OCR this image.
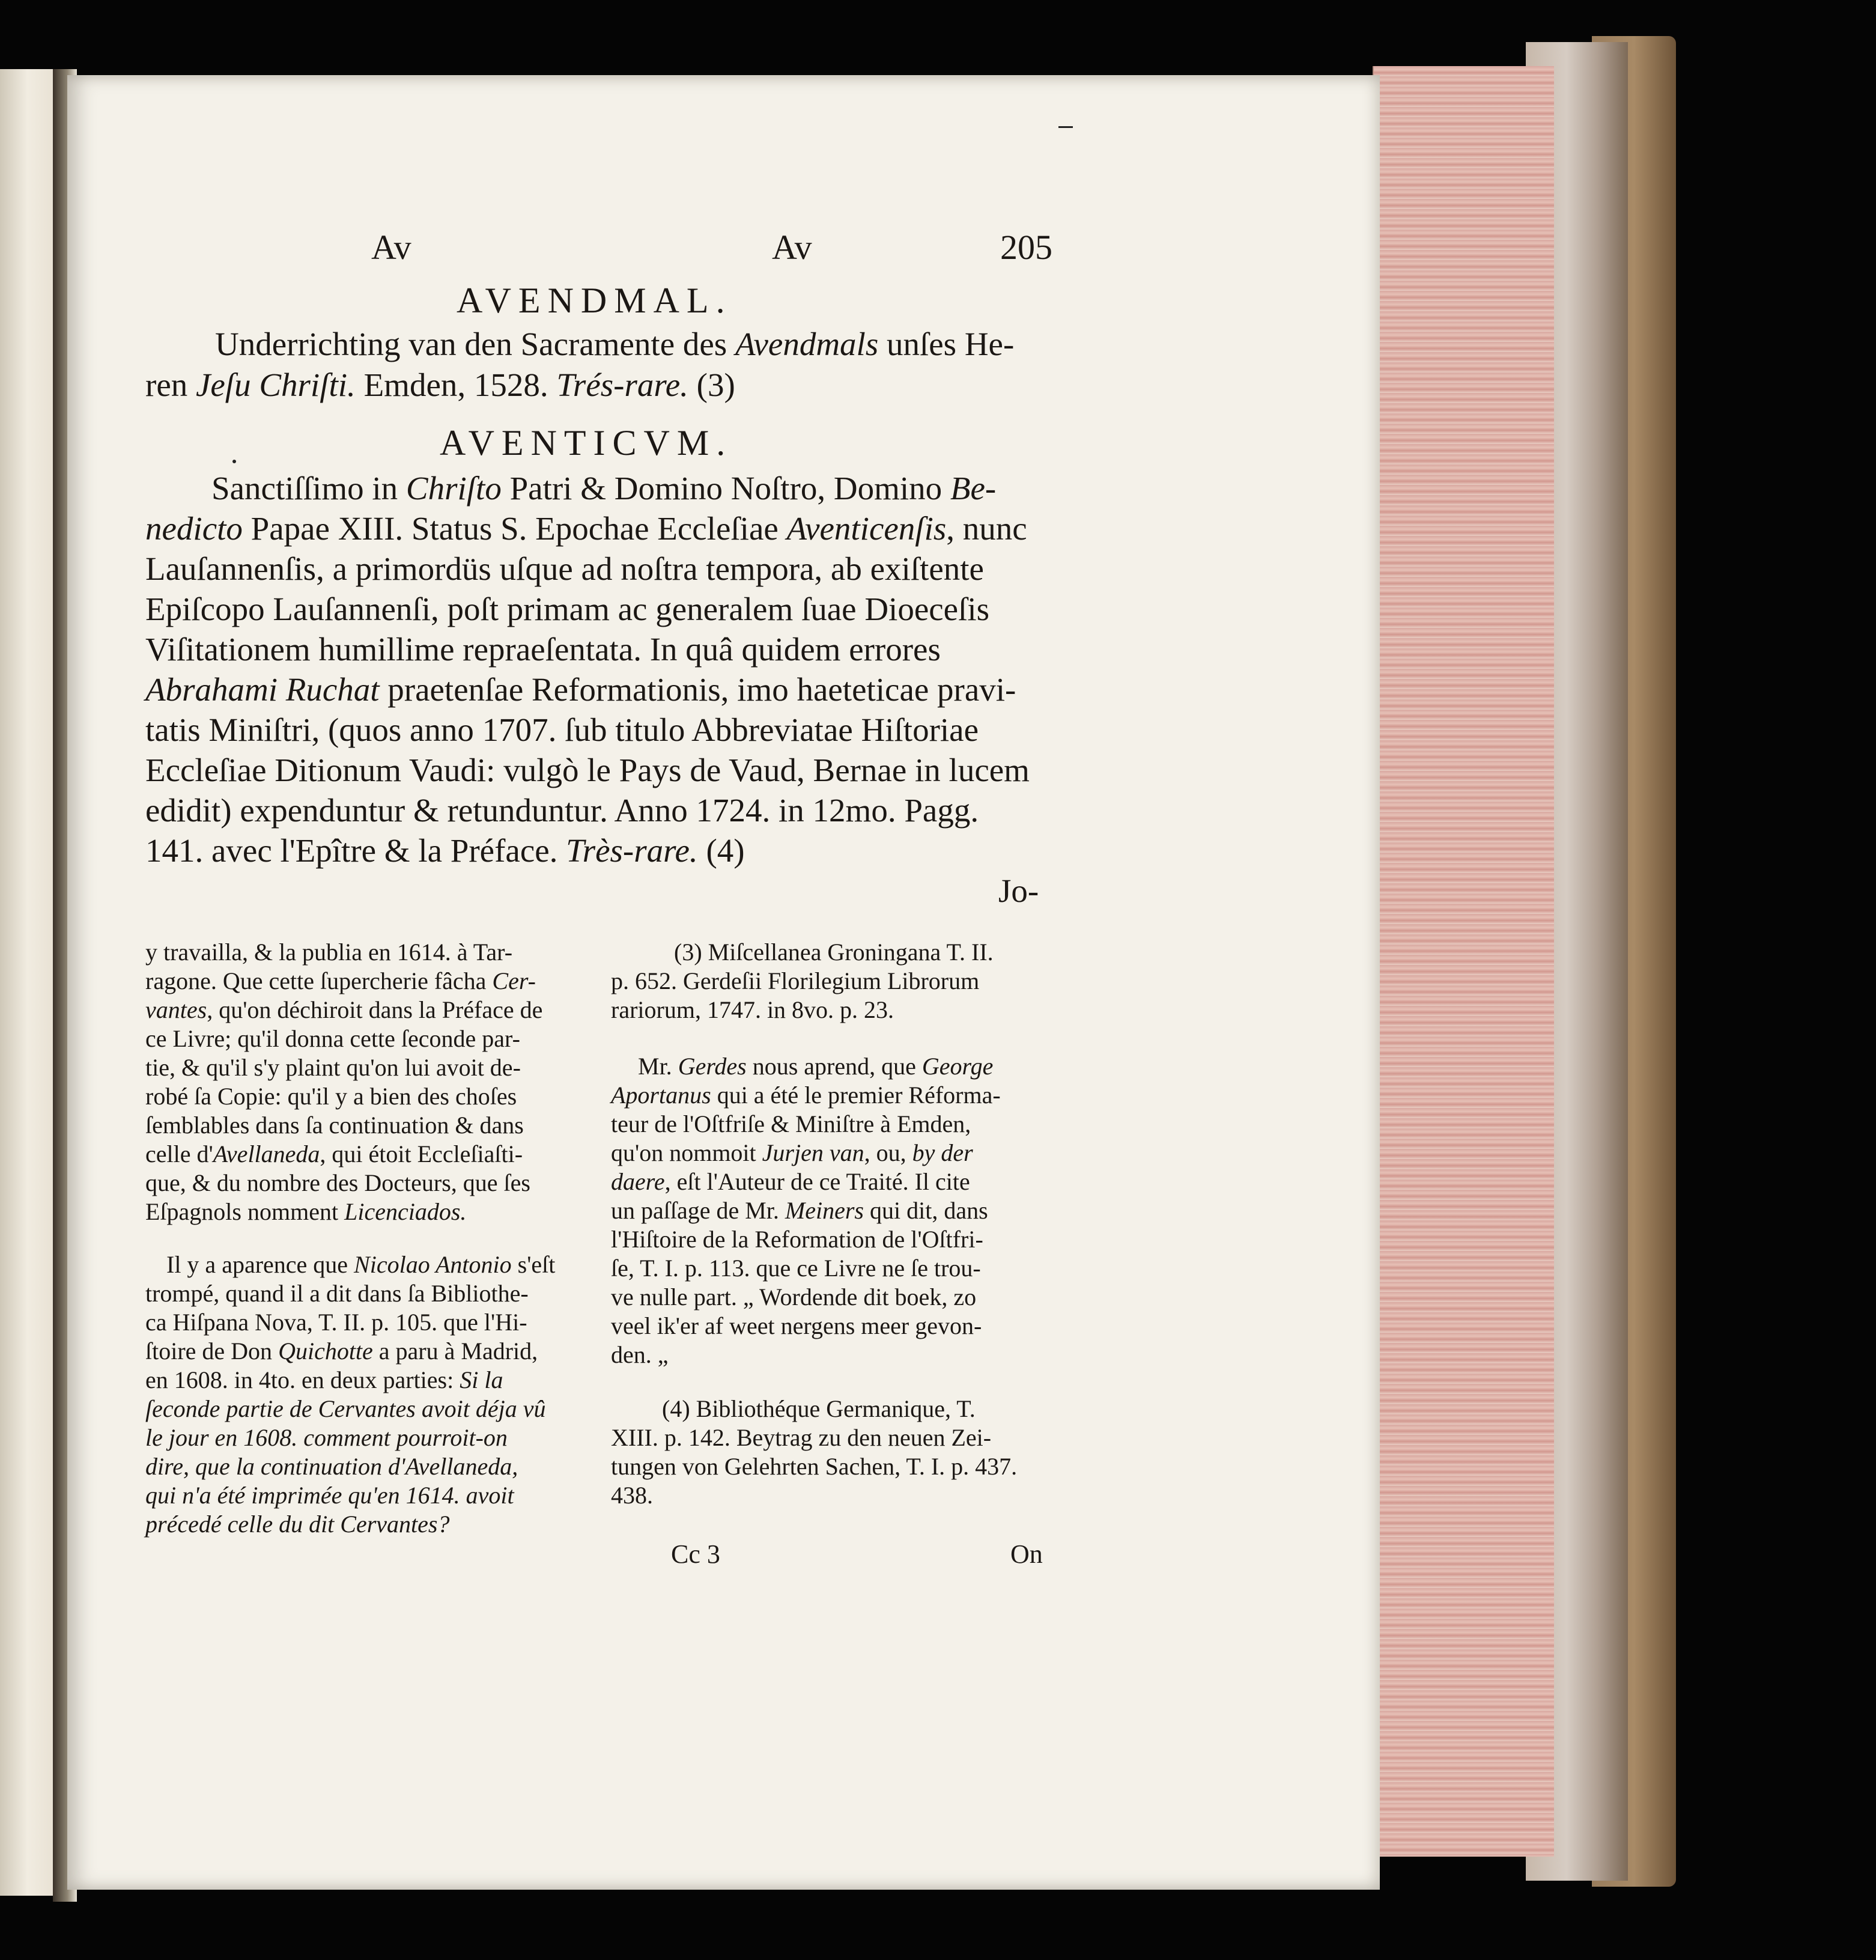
Av	Av	205
AVENDMAL.
Underrichting van den Sacramente des Avendmals unſes He-
ren Jeſu Chriſti. Emden, 1528. Trés-rare. (3)
AVENTICVM.
Sanctiſſimo in Chriſto Patri & Domino Noſtro, Domino Be-
nedicto Papae XIII. Status S. Epochae Eccleſiae Aventicenſis, nunc
Lauſannenſis, a primordüs uſque ad noſtra tempora, ab exiſtente
Epiſcopo Lauſannenſi, poſt primam ac generalem ſuae Dioeceſis
Viſitationem humillime repraeſentata. In quâ quidem errores
Abrahami Ruchat praetenſae Reformationis, imo haeteticae pravi-
tatis Miniſtri, (quos anno 1707. ſub titulo Abbreviatae Hiſtoriae
Eccleſiae Ditionum Vaudi: vulgò le Pays de Vaud, Bernae in lucem
edidit) expenduntur & retunduntur. Anno 1724. in 12mo. Pagg.
141. avec l'Epître & la Préface. Très-rare. (4)
Jo-
y travailla, & la publia en 1614. à Tar-
ragone. Que cette ſupercherie fâcha Cer-
vantes, qu'on déchiroit dans la Préface de
ce Livre; qu'il donna cette ſeconde par-
tie, & qu'il s'y plaint qu'on lui avoit de-
robé ſa Copie: qu'il y a bien des choſes
ſemblables dans ſa continuation & dans
celle d'Avellaneda, qui étoit Eccleſiaſti-
que, & du nombre des Docteurs, que ſes
Eſpagnols nomment Licenciados.
Il y a aparence que Nicolao Antonio s'eſt
trompé, quand il a dit dans ſa Bibliothe-
ca Hiſpana Nova, T. II. p. 105. que l'Hi-
ſtoire de Don Quichotte a paru à Madrid,
en 1608. in 4to. en deux parties: Si la
ſeconde partie de Cervantes avoit déja vû
le jour en 1608. comment pourroit-on
dire, que la continuation d'Avellaneda,
qui n'a été imprimée qu'en 1614. avoit
précedé celle du dit Cervantes?
(3) Miſcellanea Groningana T. II.
p. 652. Gerdeſii Florilegium Librorum
rariorum, 1747. in 8vo. p. 23.
Mr. Gerdes nous aprend, que George
Aportanus qui a été le premier Réforma-
teur de l'Oſtfriſe & Miniſtre à Emden,
qu'on nommoit Jurjen van, ou, by der
daere, eſt l'Auteur de ce Traité. Il cite
un paſſage de Mr. Meiners qui dit, dans
l'Hiſtoire de la Reformation de l'Oſtfri-
ſe, T. I. p. 113. que ce Livre ne ſe trou-
ve nulle part. „ Wordende dit boek, zo
veel ik'er af weet nergens meer gevon-
den. „
(4) Bibliothéque Germanique, T.
XIII. p. 142. Beytrag zu den neuen Zei-
tungen von Gelehrten Sachen, T. I. p. 437.
438.
Cc 3	On
